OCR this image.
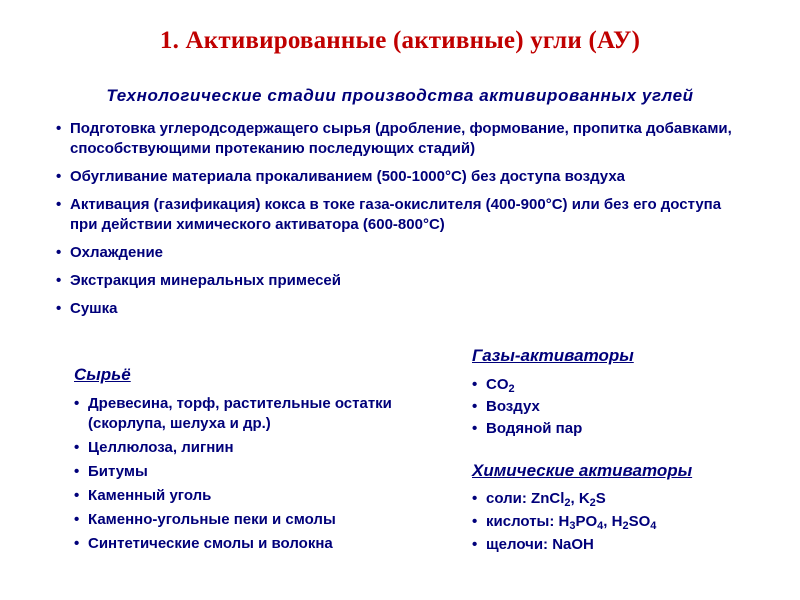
1. Активированные (активные) угли (АУ)
Технологические стадии производства активированных углей
• Подготовка углеродсодержащего сырья (дробление, формование, пропитка добавками, способствующими протеканию последующих стадий)
• Обугливание материала прокаливанием (500-1000°С) без доступа воздуха
• Активация (газификация) кокса в токе газа-окислителя (400-900°С) или без его доступа при действии химического активатора (600-800°С)
• Охлаждение
• Экстракция минеральных примесей
• Сушка
Сырьё
• Древесина, торф, растительные остатки (скорлупа, шелуха и др.)
• Целлюлоза, лигнин
• Битумы
• Каменный уголь
• Каменно-угольные пеки и смолы
• Синтетические смолы и волокна
Газы-активаторы
• $CO_2$
• Воздух
• Водяной пар
Химические активаторы
• соли: ZnCl$_2$, $K_2S$
• кислоты: $H_3PO_4$, $H_2SO_4$
• щелочи: NaOH
